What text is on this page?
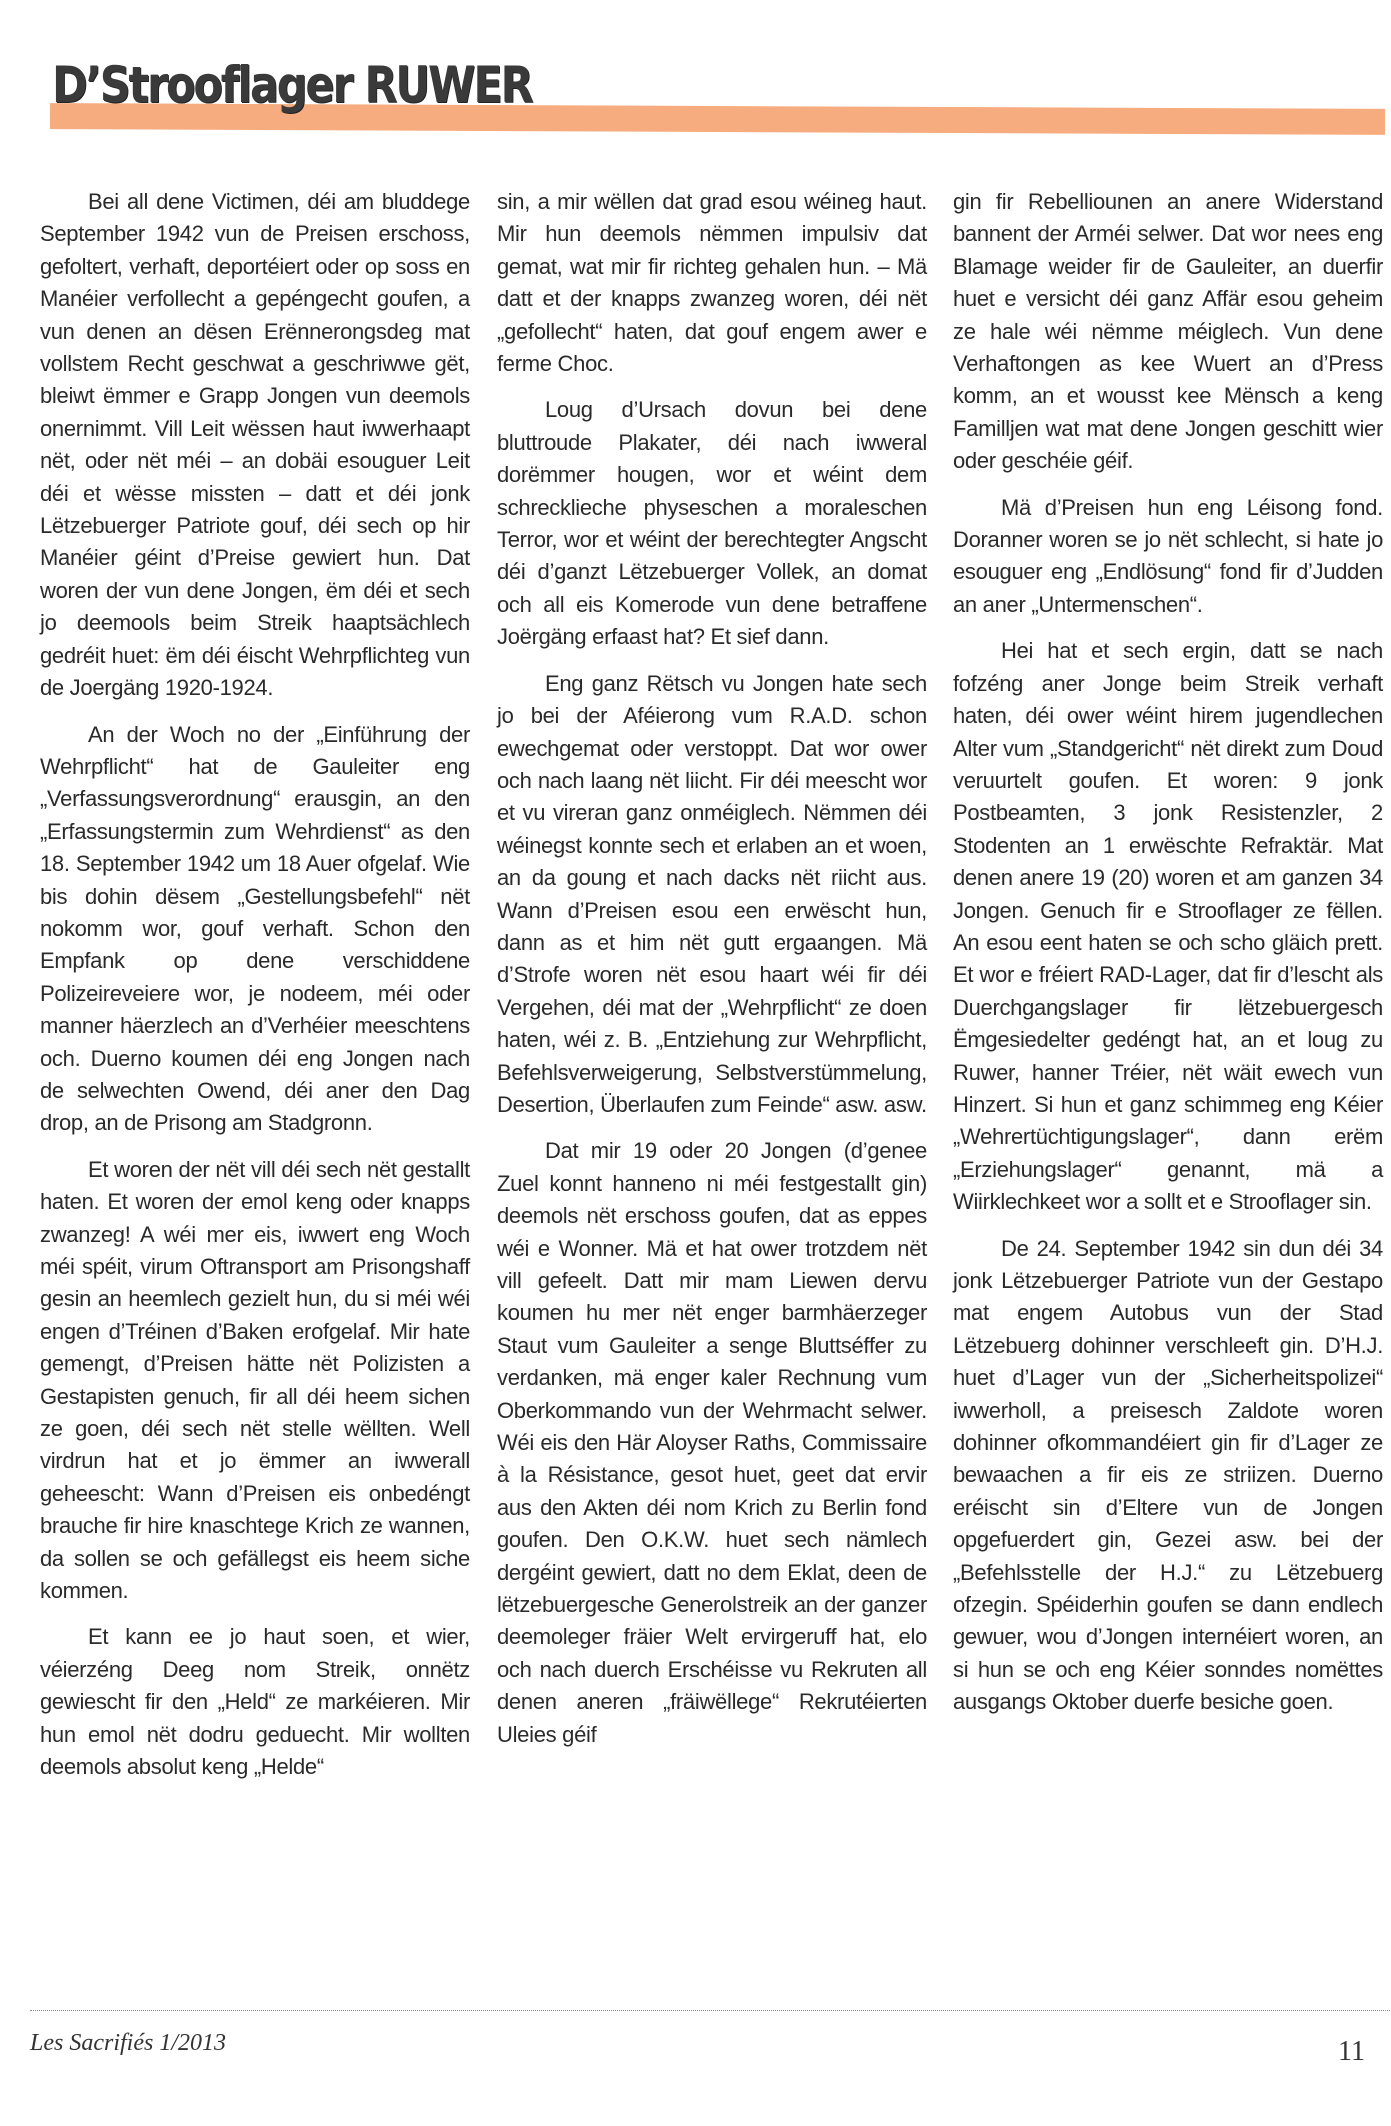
D’Strooflager RUWER

Bei all dene Victimen, déi am bluddege September 1942 vun de Preisen erschoss, gefoltert, verhaft, deportéiert oder op soss en Manéier verfollecht a gepéngecht goufen, a vun denen an dësen Erënnerongsdeg mat vollstem Recht geschwat a geschriwwe gët, bleiwt ëmmer e Grapp Jongen vun deemols onernimmt. Vill Leit wëssen haut iwwerhaapt nët, oder nët méi – an dobäi esouguer Leit déi et wësse missten – datt et déi jonk Lëtzebuerger Patriote gouf, déi sech op hir Manéier géint d’Preise gewiert hun. Dat woren der vun dene Jongen, ëm déi et sech jo deemools beim Streik haaptsächlech gedréit huet: ëm déi éischt Wehrpflichteg vun de Joergäng 1920-1924.

An der Woch no der „Einführung der Wehrpflicht“ hat de Gauleiter eng „Verfassungsverordnung“ erausgin, an den „Erfassungstermin zum Wehrdienst“ as den 18. September 1942 um 18 Auer ofgelaf. Wie bis dohin dësem „Gestellungsbefehl“ nët nokomm wor, gouf verhaft. Schon den Empfank op dene verschiddene Polizeireveiere wor, je nodeem, méi oder manner häerzlech an d’Verhéier meeschtens och. Duerno koumen déi eng Jongen nach de selwechten Owend, déi aner den Dag drop, an de Prisong am Stadgronn.

Et woren der nët vill déi sech nët gestallt haten. Et woren der emol keng oder knapps zwanzeg! A wéi mer eis, iwwert eng Woch méi spéit, virum Oftransport am Prisongshaff gesin an heemlech gezielt hun, du si méi wéi engen d’Tréinen d’Baken erofgelaf. Mir hate gemengt, d’Preisen hätte nët Polizisten a Gestapisten genuch, fir all déi heem sichen ze goen, déi sech nët stelle wëllten. Well virdrun hat et jo ëmmer an iwwerall geheescht: Wann d’Preisen eis onbedéngt brauche fir hire knaschtege Krich ze wannen, da sollen se och gefällegst eis heem siche kommen.

Et kann ee jo haut soen, et wier, véierzéng Deeg nom Streik, onnëtz gewiescht fir den „Held“ ze markéieren. Mir hun emol nët dodru geduecht. Mir wollten deemols absolut keng „Helde“

sin, a mir wëllen dat grad esou wéineg haut. Mir hun deemols nëmmen impulsiv dat gemat, wat mir fir richteg gehalen hun. – Mä datt et der knapps zwanzeg woren, déi nët „gefollecht“ haten, dat gouf engem awer e ferme Choc.

Loug d’Ursach dovun bei dene bluttroude Plakater, déi nach iwweral dorëmmer hougen, wor et wéint dem schrecklieche physeschen a moraleschen Terror, wor et wéint der berechtegter Angscht déi d’ganzt Lëtzebuerger Vollek, an domat och all eis Komerode vun dene betraffene Joërgäng erfaast hat? Et sief dann.

Eng ganz Rëtsch vu Jongen hate sech jo bei der Aféierong vum R.A.D. schon ewechgemat oder verstoppt. Dat wor ower och nach laang nët liicht. Fir déi meescht wor et vu vireran ganz onméiglech. Nëmmen déi wéinegst konnte sech et erlaben an et woen, an da goung et nach dacks nët riicht aus. Wann d’Preisen esou een erwëscht hun, dann as et him nët gutt ergaangen. Mä d’Strofe woren nët esou haart wéi fir déi Vergehen, déi mat der „Wehrpflicht“ ze doen haten, wéi z. B. „Entziehung zur Wehrpflicht, Befehlsverweigerung, Selbstverstümmelung, Desertion, Überlaufen zum Feinde“ asw. asw.

Dat mir 19 oder 20 Jongen (d’genee Zuel konnt hanneno ni méi festgestallt gin) deemols nët erschoss goufen, dat as eppes wéi e Wonner. Mä et hat ower trotzdem nët vill gefeelt. Datt mir mam Liewen dervu koumen hu mer nët enger barmhäerzeger Staut vum Gauleiter a senge Bluttséffer zu verdanken, mä enger kaler Rechnung vum Oberkommando vun der Wehrmacht selwer. Wéi eis den Här Aloyser Raths, Commissaire à la Résistance, gesot huet, geet dat ervir aus den Akten déi nom Krich zu Berlin fond goufen. Den O.K.W. huet sech nämlech dergéint gewiert, datt no dem Eklat, deen de lëtzebuergesche Generolstreik an der ganzer deemoleger fräier Welt ervirgeruff hat, elo och nach duerch Erschéisse vu Rekruten all denen aneren „fräiwëllege“ Rekrutéierten Uleies géif

gin fir Rebelliounen an anere Widerstand bannent der Arméi selwer. Dat wor nees eng Blamage weider fir de Gauleiter, an duerfir huet e versicht déi ganz Affär esou geheim ze hale wéi nëmme méiglech. Vun dene Verhaftongen as kee Wuert an d’Press komm, an et wousst kee Mënsch a keng Familljen wat mat dene Jongen geschitt wier oder geschéie géif.

Mä d’Preisen hun eng Léisong fond. Doranner woren se jo nët schlecht, si hate jo esouguer eng „Endlösung“ fond fir d’Judden an aner „Untermenschen“.

Hei hat et sech ergin, datt se nach fofzéng aner Jonge beim Streik verhaft haten, déi ower wéint hirem jugendlechen Alter vum „Standgericht“ nët direkt zum Doud veruurtelt goufen. Et woren: 9 jonk Postbeamten, 3 jonk Resistenzler, 2 Stodenten an 1 erwëschte Refraktär. Mat denen anere 19 (20) woren et am ganzen 34 Jongen. Genuch fir e Strooflager ze fëllen. An esou eent haten se och scho gläich prett. Et wor e fréiert RAD-Lager, dat fir d’lescht als Duerchgangslager fir lëtzebuergesch Ëmgesiedelter gedéngt hat, an et loug zu Ruwer, hanner Tréier, nët wäit ewech vun Hinzert. Si hun et ganz schimmeg eng Kéier „Wehrertüchtigungslager“, dann erëm „Erziehungslager“ genannt, mä a Wiirklechkeet wor a sollt et e Strooflager sin.

De 24. September 1942 sin dun déi 34 jonk Lëtzebuerger Patriote vun der Gestapo mat engem Autobus vun der Stad Lëtzebuerg dohinner verschleeft gin. D’H.J. huet d’Lager vun der „Sicherheitspolizei“ iwwerholl, a preisesch Zaldote woren dohinner ofkommandéiert gin fir d’Lager ze bewaachen a fir eis ze striizen. Duerno eréischt sin d’Eltere vun de Jongen opgefuerdert gin, Gezei asw. bei der „Befehlsstelle der H.J.“ zu Lëtzebuerg ofzegin. Spéiderhin goufen se dann endlech gewuer, wou d’Jongen internéiert woren, an si hun se och eng Kéier sonndes nomëttes ausgangs Oktober duerfe besiche goen.

Les Sacrifiés 1/2013	11
